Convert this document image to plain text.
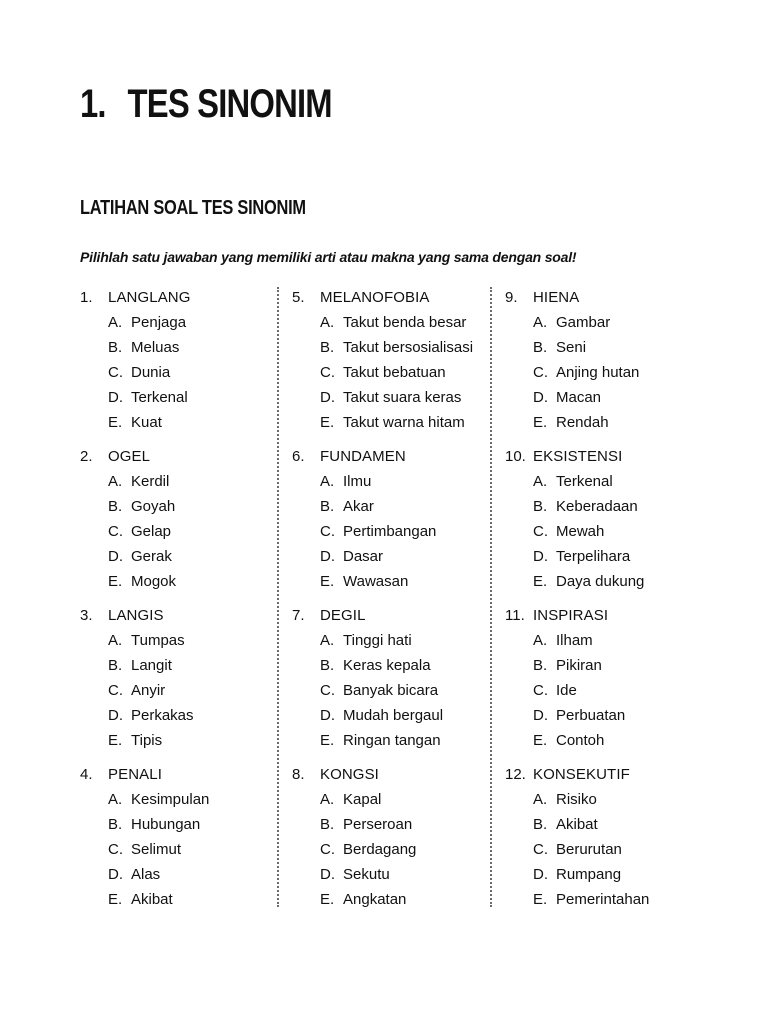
1. TES SINONIM
LATIHAN SOAL TES SINONIM

Pilihlah satu jawaban yang memiliki arti atau makna yang sama dengan soal!

1.	LANGLANG
A. Penjaga
B. Meluas
C. Dunia
D. Terkenal
E. Kuat
2.	OGEL
A. Kerdil
B. Goyah
C. Gelap
D. Gerak
E. Mogok
3.	LANGIS
A. Tumpas
B. Langit
C. Anyir
D. Perkakas
E. Tipis
4.	PENALI
A. Kesimpulan
B. Hubungan
C. Selimut
D. Alas
E. Akibat
5.	MELANOFOBIA
A. Takut benda besar
B. Takut bersosialisasi
C. Takut bebatuan
D. Takut suara keras
E. Takut warna hitam
6.	FUNDAMEN
A. Ilmu
B. Akar
C. Pertimbangan
D. Dasar
E. Wawasan
7.	DEGIL
A. Tinggi hati
B. Keras kepala
C. Banyak bicara
D. Mudah bergaul
E. Ringan tangan
8.	KONGSI
A. Kapal
B. Perseroan
C. Berdagang
D. Sekutu
E. Angkatan
9.	HIENA
A. Gambar
B. Seni
C. Anjing hutan
D. Macan
E. Rendah
10. EKSISTENSI
A. Terkenal
B. Keberadaan
C. Mewah
D. Terpelihara
E. Daya dukung
11. INSPIRASI
A. Ilham
B. Pikiran
C. Ide
D. Perbuatan
E. Contoh
12. KONSEKUTIF
A. Risiko
B. Akibat
C. Berurutan
D. Rumpang
E. Pemerintahan
